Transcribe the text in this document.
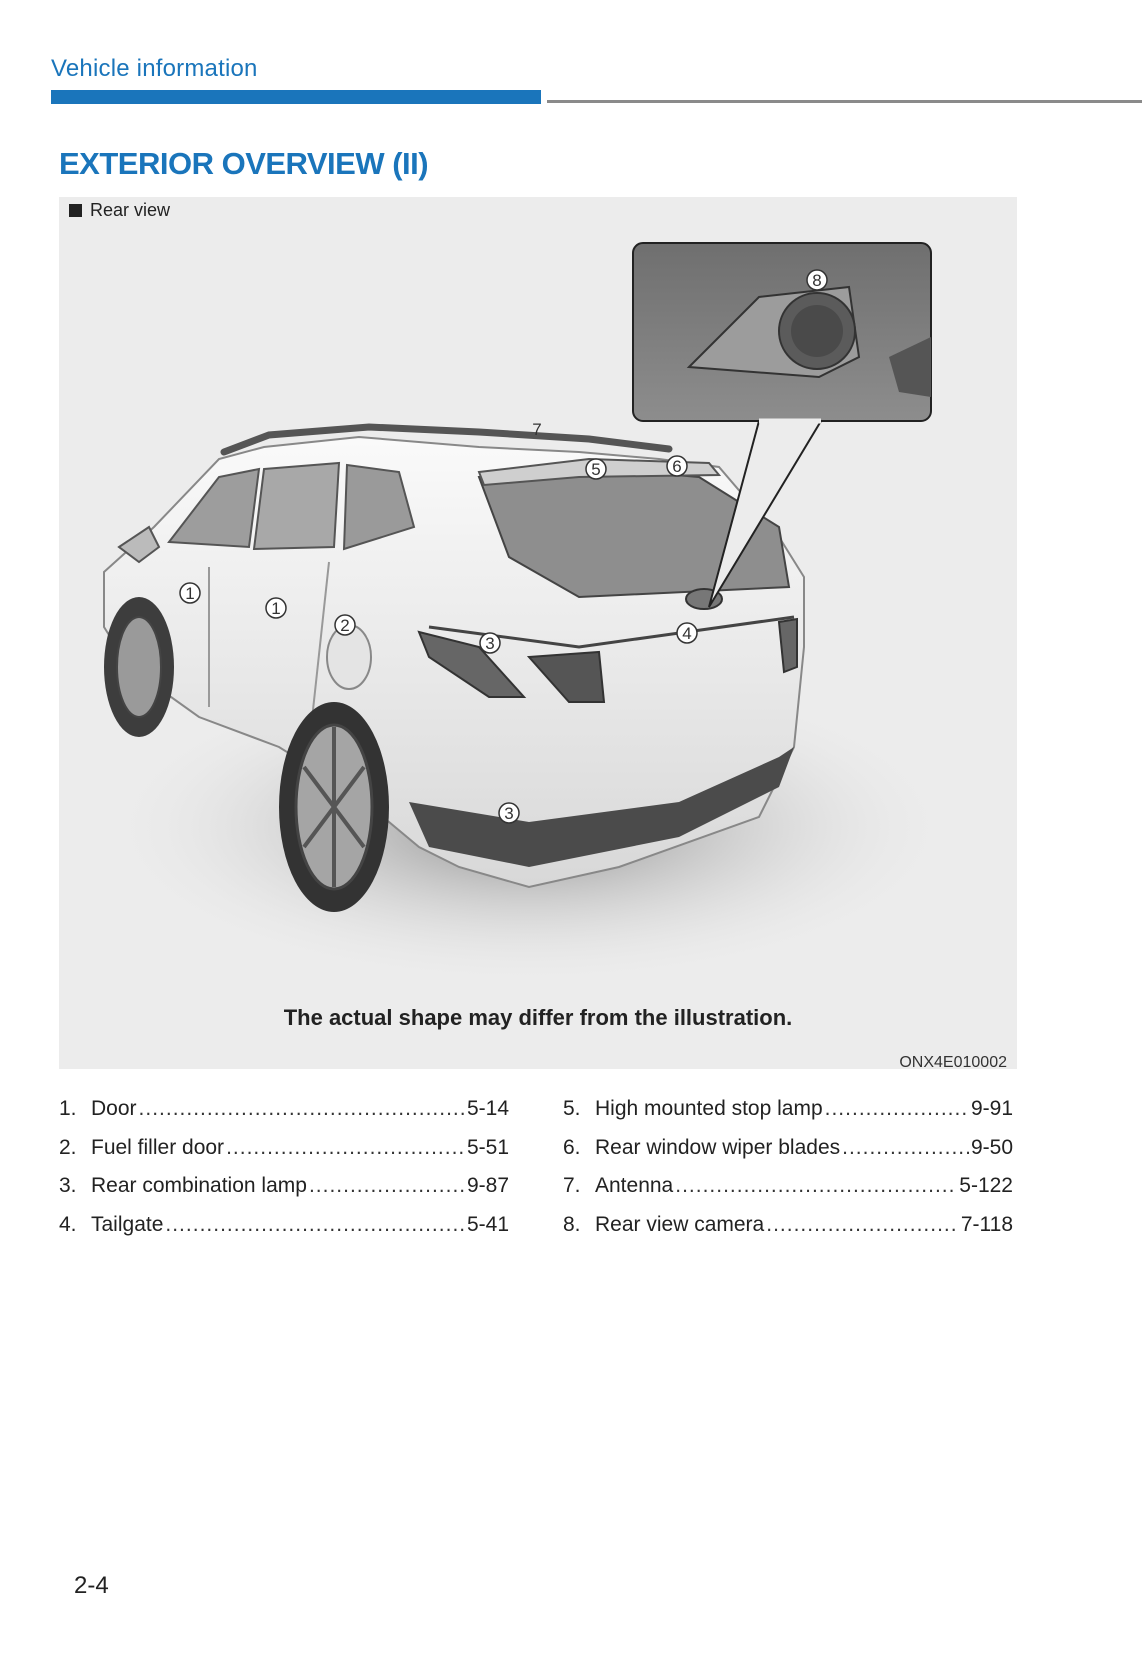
Vehicle information
EXTERIOR OVERVIEW (II)
Rear view
1
1
2
3
3
4
5	6
7
8
The actual shape may differ from the illustration.
ONX4E010002
1. Door .....	5-14
2. Fuel filler door .....	5-51
3. Rear combination lamp .....	9-87
4. Tailgate .....	5-41
5. High mounted stop lamp .....	9-91
6. Rear window wiper blades .....	9-50
7. Antenna .....	5-122
8. Rear view camera .....	7-118
2-4
